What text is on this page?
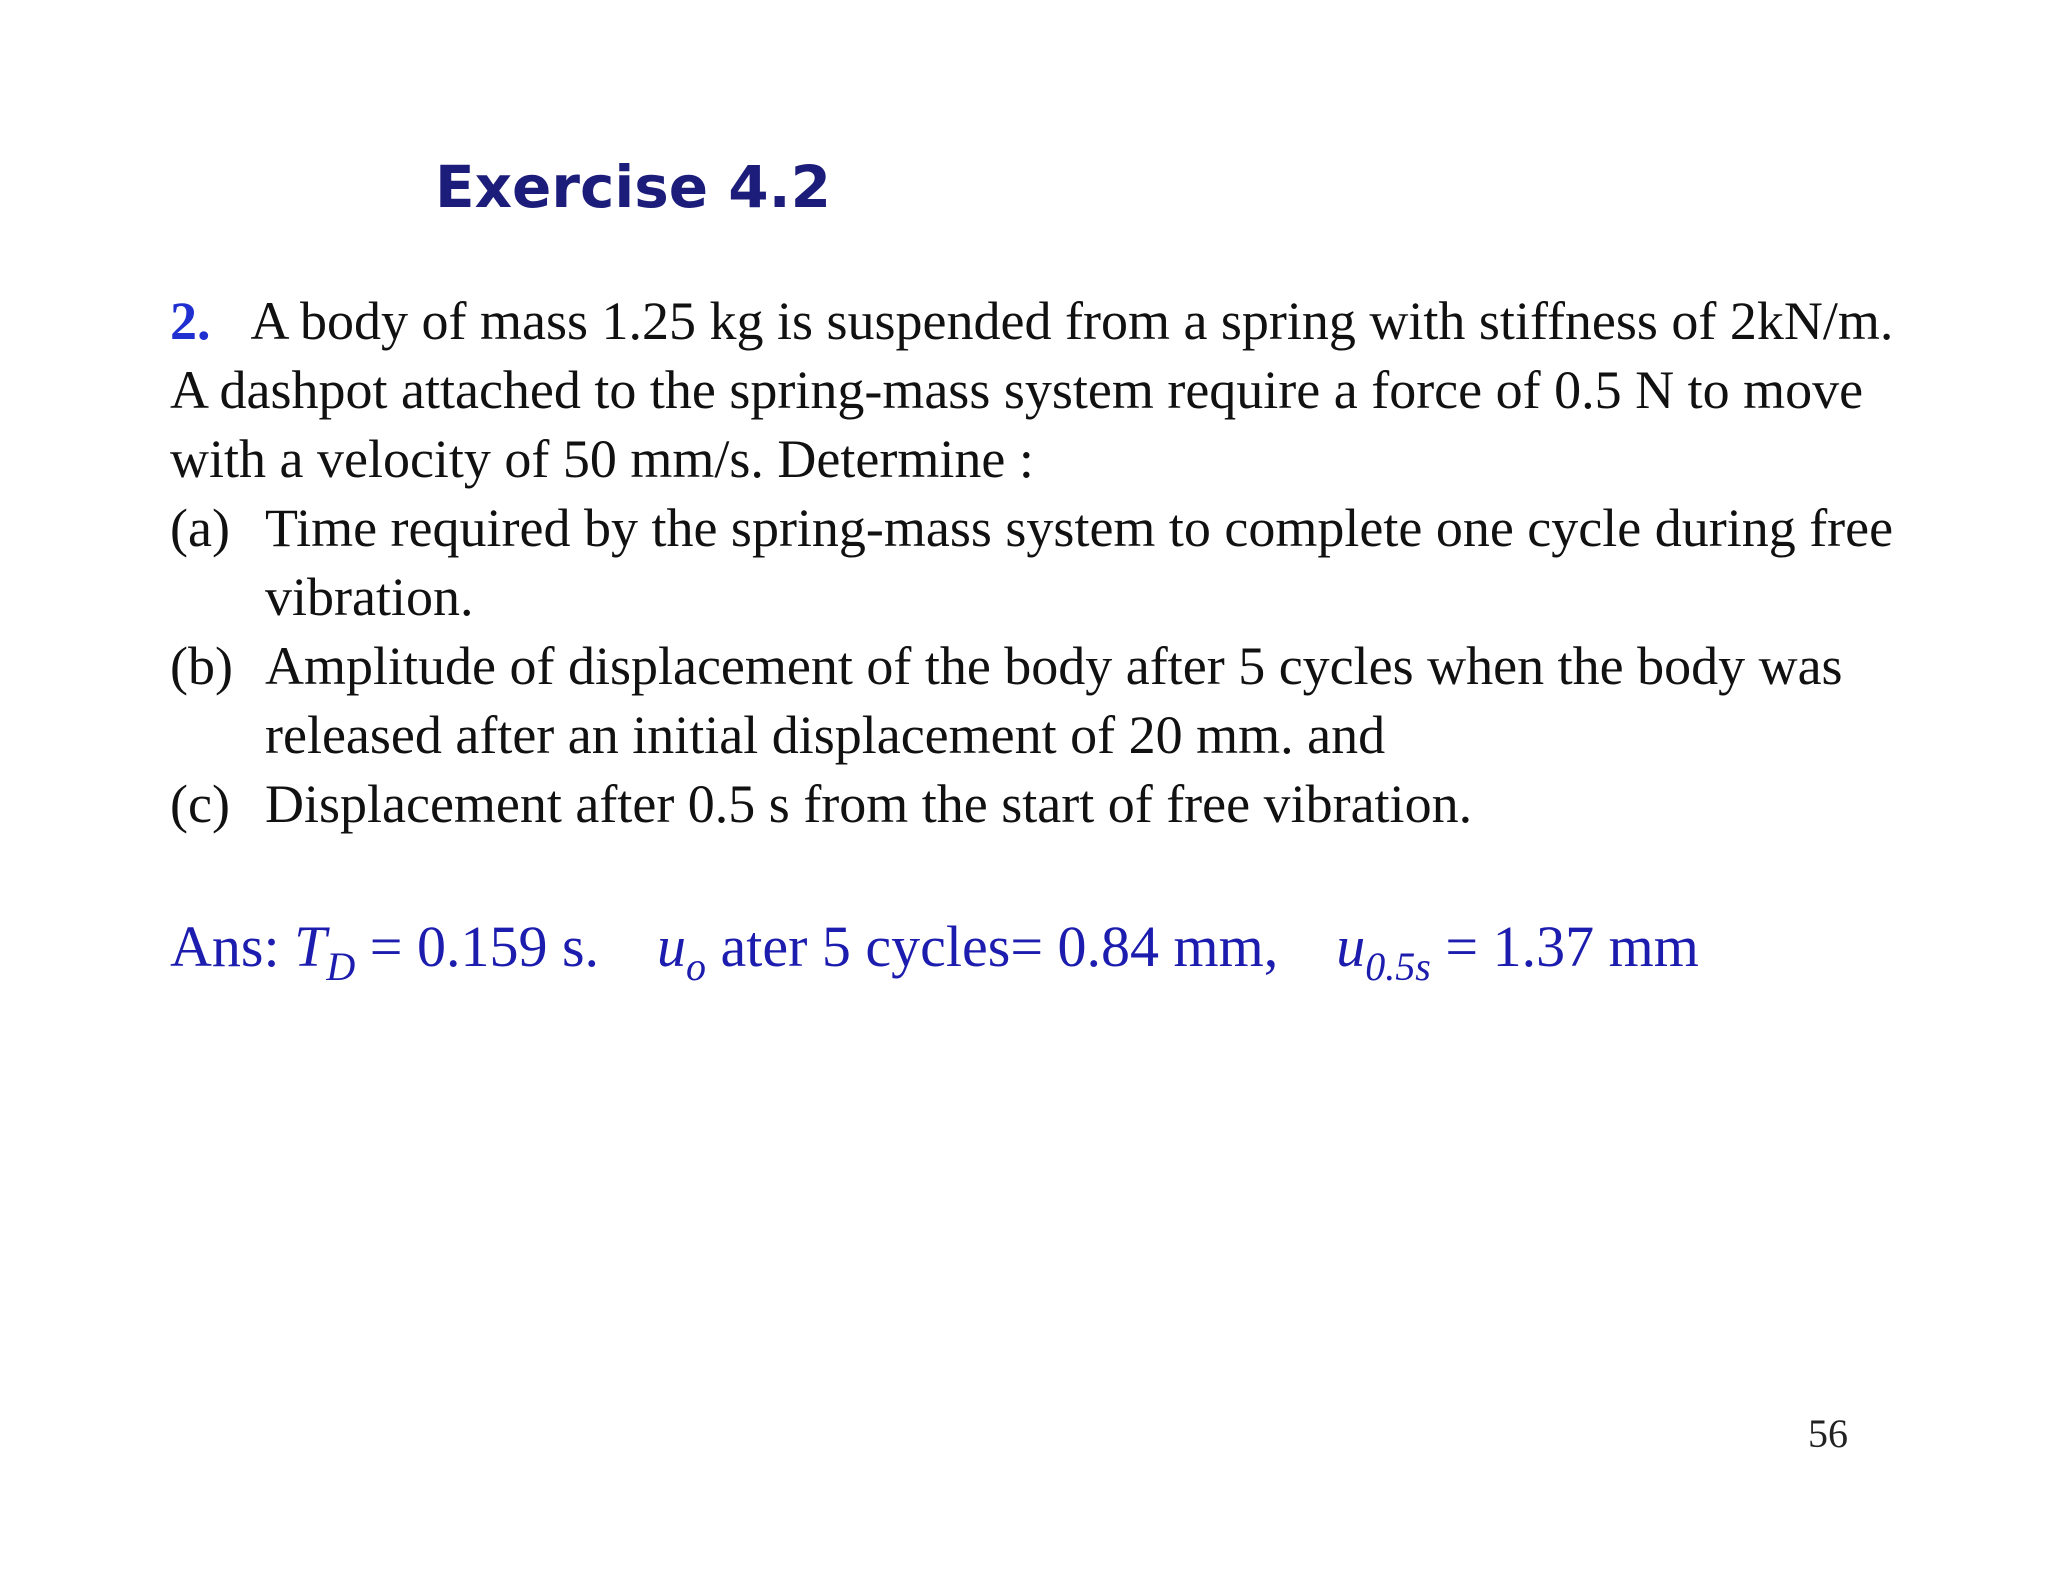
Exercise 4.2

2. A body of mass 1.25 kg is suspended from a spring with stiffness of 2kN/m. A dashpot attached to the spring-mass system require a force of 0.5 N to move with a velocity of 50 mm/s. Determine :

(a) Time required by the spring-mass system to complete one cycle during free vibration.
(b) Amplitude of displacement of the body after 5 cycles when the body was released after an initial displacement of 20 mm. and
(c) Displacement after 0.5 s from the start of free vibration.
Ans: $T_D = 0.159$ s. $u_o$ ater 5 cycles= 0.84 mm, $u_{0.5s} = 1.37$ mm
56
